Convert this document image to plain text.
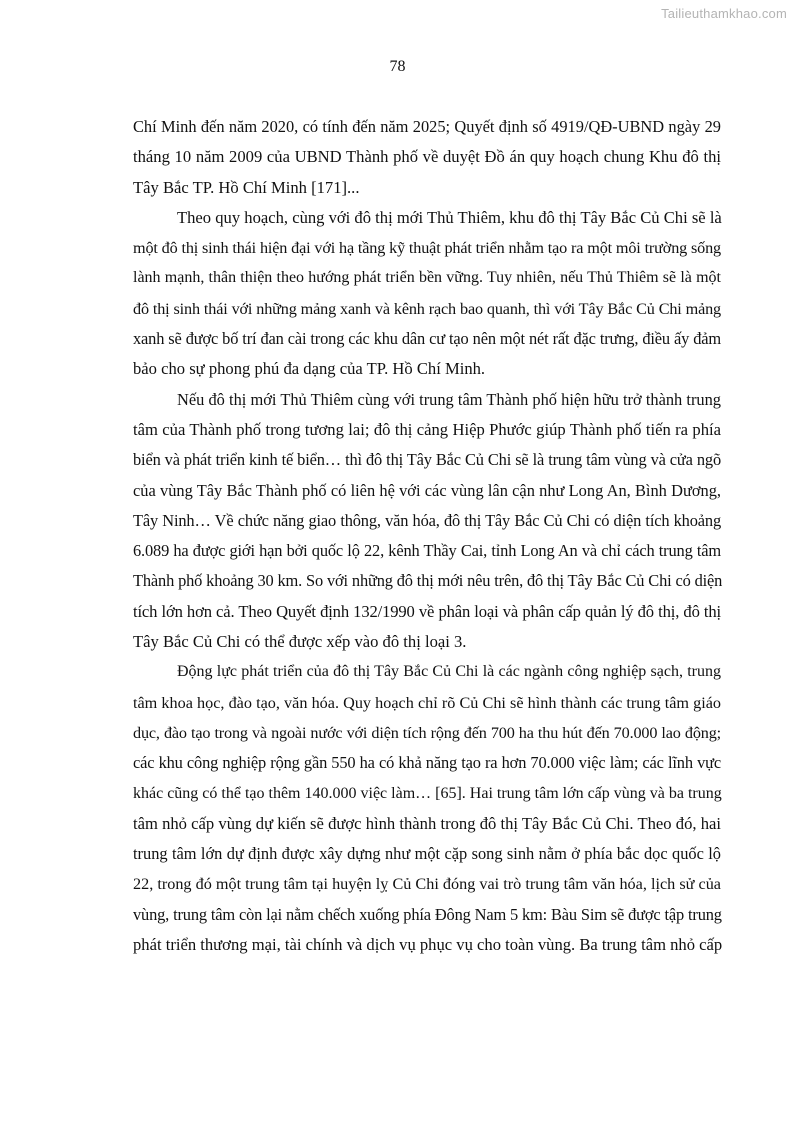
Tailieuthamkhao.com
78
Chí Minh đến năm 2020, có tính đến năm 2025; Quyết định số 4919/QĐ-UBND ngày 29
tháng 10 năm 2009 của UBND Thành phố về duyệt Đồ án quy hoạch chung Khu đô thị
Tây Bắc TP. Hồ Chí Minh [171]...
Theo quy hoạch, cùng với đô thị mới Thủ Thiêm, khu đô thị Tây Bắc Củ Chi sẽ là
một đô thị sinh thái hiện đại với hạ tầng kỹ thuật phát triển nhằm tạo ra một môi trường sống
lành mạnh, thân thiện theo hướng phát triển bền vững. Tuy nhiên, nếu Thủ Thiêm sẽ là một
đô thị sinh thái với những mảng xanh và kênh rạch bao quanh, thì với Tây Bắc Củ Chi mảng
xanh sẽ được bố trí đan cài trong các khu dân cư tạo nên một nét rất đặc trưng, điều ấy đảm
bảo cho sự phong phú đa dạng của TP. Hồ Chí Minh.
Nếu đô thị mới Thủ Thiêm cùng với trung tâm Thành phố hiện hữu trở thành trung
tâm của Thành phố trong tương lai; đô thị cảng Hiệp Phước giúp Thành phố tiến ra phía
biển và phát triển kinh tế biển… thì đô thị Tây Bắc Củ Chi sẽ là trung tâm vùng và cửa ngõ
của vùng Tây Bắc Thành phố có liên hệ với các vùng lân cận như Long An, Bình Dương,
Tây Ninh… Về chức năng giao thông, văn hóa, đô thị Tây Bắc Củ Chi có diện tích khoảng
6.089 ha được giới hạn bởi quốc lộ 22, kênh Thầy Cai, tỉnh Long An và chỉ cách trung tâm
Thành phố khoảng 30 km. So với những đô thị mới nêu trên, đô thị Tây Bắc Củ Chi có diện
tích lớn hơn cả. Theo Quyết định 132/1990 về phân loại và phân cấp quản lý đô thị, đô thị
Tây Bắc Củ Chi có thể được xếp vào đô thị loại 3.
Động lực phát triển của đô thị Tây Bắc Củ Chi là các ngành công nghiệp sạch, trung
tâm khoa học, đào tạo, văn hóa. Quy hoạch chỉ rõ Củ Chi sẽ hình thành các trung tâm giáo
dục, đào tạo trong và ngoài nước với diện tích rộng đến 700 ha thu hút đến 70.000 lao động;
các khu công nghiệp rộng gần 550 ha có khả năng tạo ra hơn 70.000 việc làm; các lĩnh vực
khác cũng có thể tạo thêm 140.000 việc làm… [65]. Hai trung tâm lớn cấp vùng và ba trung
tâm nhỏ cấp vùng dự kiến sẽ được hình thành trong đô thị Tây Bắc Củ Chi. Theo đó, hai
trung tâm lớn dự định được xây dựng như một cặp song sinh nằm ở phía bắc dọc quốc lộ
22, trong đó một trung tâm tại huyện lỵ Củ Chi đóng vai trò trung tâm văn hóa, lịch sử của
vùng, trung tâm còn lại nằm chếch xuống phía Đông Nam 5 km: Bàu Sim sẽ được tập trung
phát triển thương mại, tài chính và dịch vụ phục vụ cho toàn vùng. Ba trung tâm nhỏ cấp
